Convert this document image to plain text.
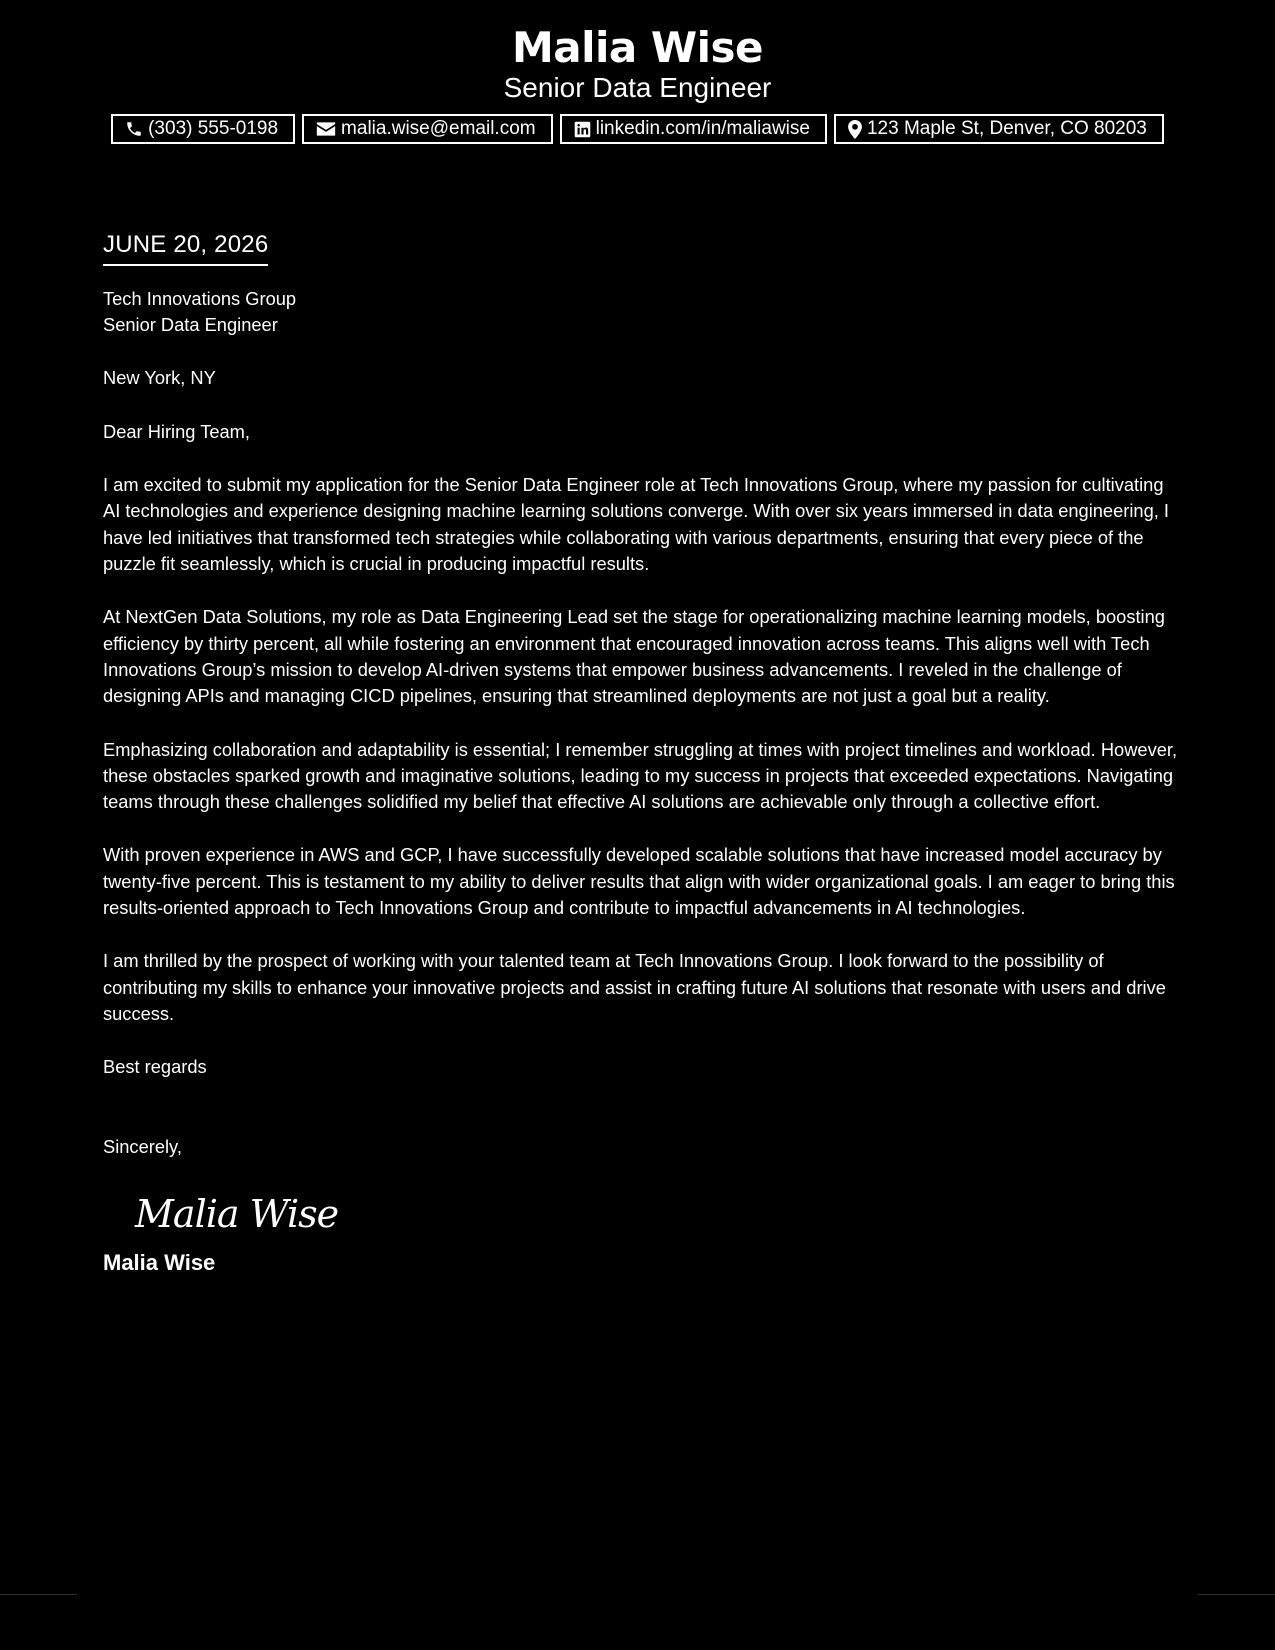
Malia Wise
Senior Data Engineer
(303) 555-0198	malia.wise@email.com	linkedin.com/in/maliawise	123 Maple St, Denver, CO 80203
JUNE 20, 2026
Tech Innovations Group
Senior Data Engineer
New York, NY
Dear Hiring Team,
I am excited to submit my application for the Senior Data Engineer role at Tech Innovations Group, where my passion for cultivating AI technologies and experience designing machine learning solutions converge. With over six years immersed in data engineering, I have led initiatives that transformed tech strategies while collaborating with various departments, ensuring that every piece of the puzzle fit seamlessly, which is crucial in producing impactful results.
At NextGen Data Solutions, my role as Data Engineering Lead set the stage for operationalizing machine learning models, boosting efficiency by thirty percent, all while fostering an environment that encouraged innovation across teams. This aligns well with Tech Innovations Group’s mission to develop AI-driven systems that empower business advancements. I reveled in the challenge of designing APIs and managing CICD pipelines, ensuring that streamlined deployments are not just a goal but a reality.
Emphasizing collaboration and adaptability is essential; I remember struggling at times with project timelines and workload. However, these obstacles sparked growth and imaginative solutions, leading to my success in projects that exceeded expectations. Navigating teams through these challenges solidified my belief that effective AI solutions are achievable only through a collective effort.
With proven experience in AWS and GCP, I have successfully developed scalable solutions that have increased model accuracy by twenty-five percent. This is testament to my ability to deliver results that align with wider organizational goals. I am eager to bring this results-oriented approach to Tech Innovations Group and contribute to impactful advancements in AI technologies.
I am thrilled by the prospect of working with your talented team at Tech Innovations Group. I look forward to the possibility of contributing my skills to enhance your innovative projects and assist in crafting future AI solutions that resonate with users and drive success.
Best regards
Sincerely,
Malia Wise
Malia Wise
